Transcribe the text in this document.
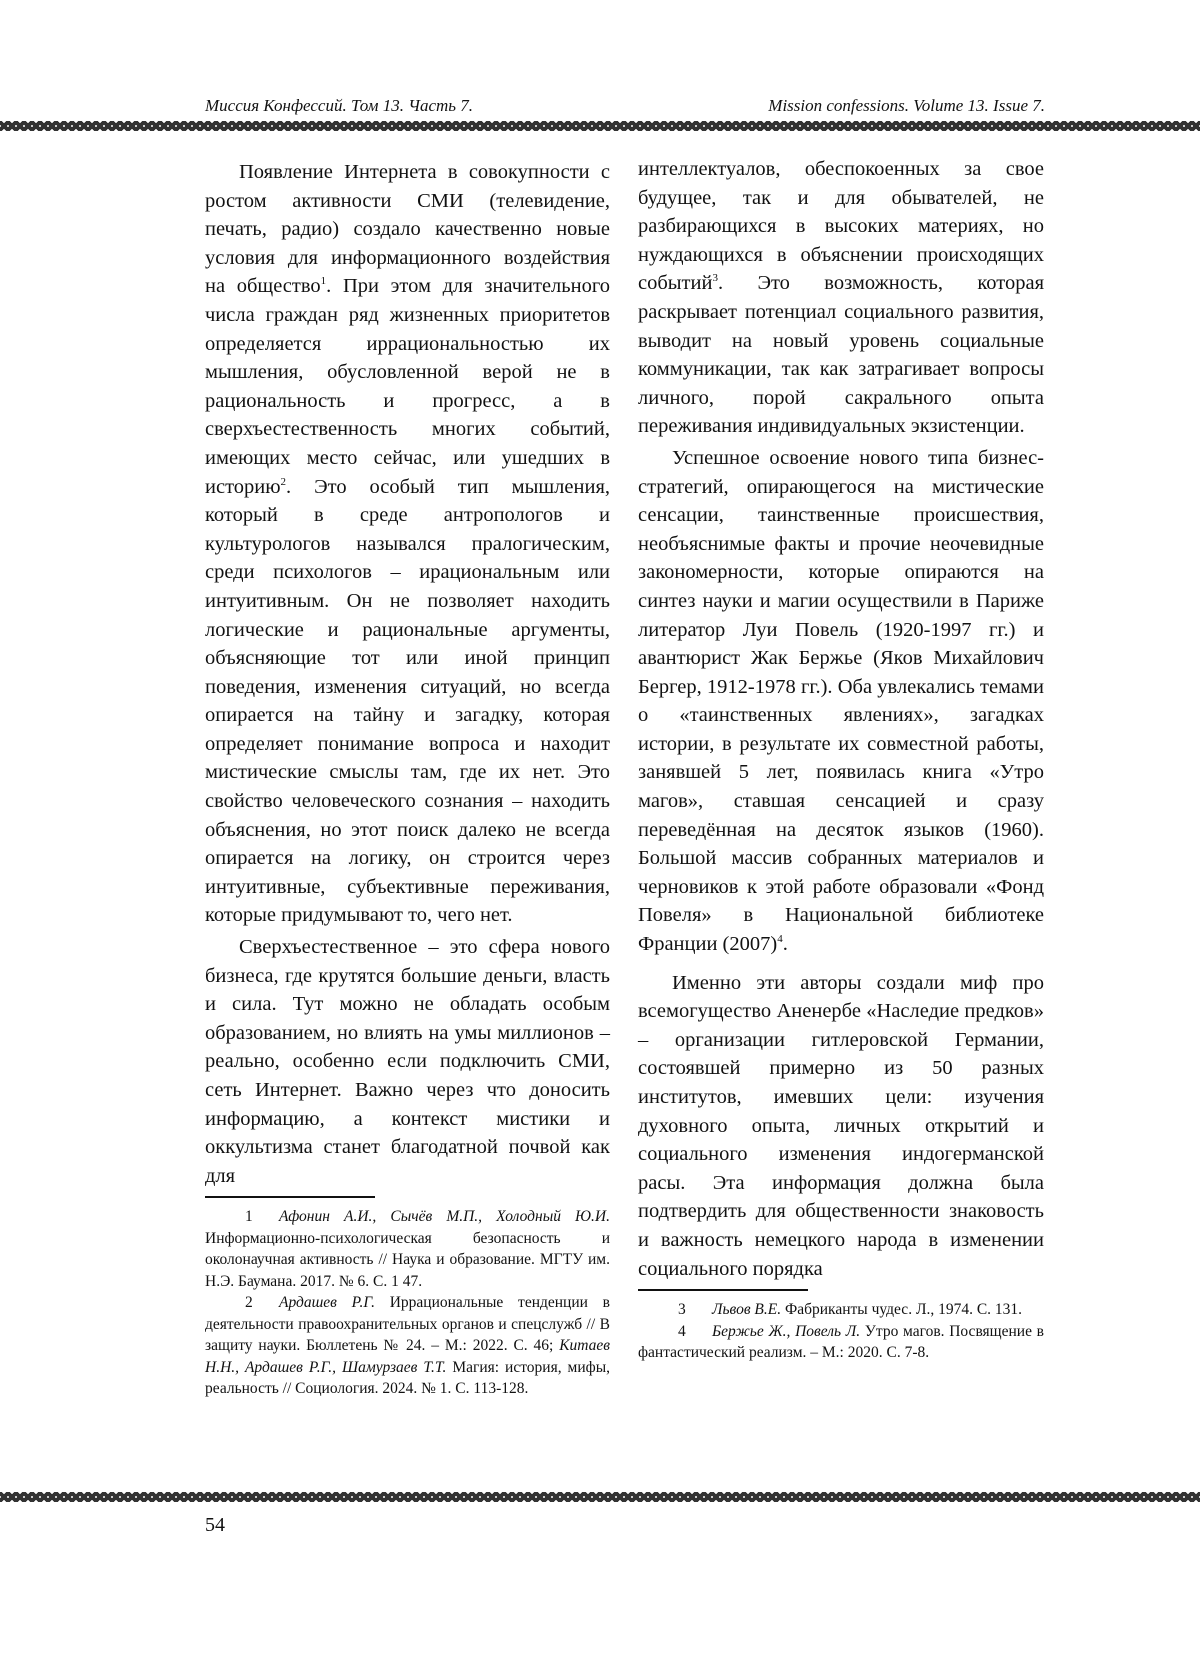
Миссия Конфессий. Том 13. Часть 7.	Mission confessions. Volume 13. Issue 7.

Появление Интернета в совокупности с ростом активности СМИ (телевидение, печать, радио) создало качественно новые условия для информационного воздействия на общество$^1$. При этом для значительного числа граждан ряд жизненных приоритетов определяется иррациональностью их мышления, обусловленной верой не в рациональность и прогресс, а в сверхъестественность многих событий, имеющих место сейчас, или ушедших в историю$^2$. Это особый тип мышления, который в среде антропологов и культурологов назывался пралогическим, среди психологов – ирациональным или интуитивным. Он не позволяет находить логические и рациональные аргументы, объясняющие тот или иной принцип поведения, изменения ситуаций, но всегда опирается на тайну и загадку, которая определяет понимание вопроса и находит мистические смыслы там, где их нет. Это свойство человеческого сознания – находить объяснения, но этот поиск далеко не всегда опирается на логику, он строится через интуитивные, субъективные переживания, которые придумывают то, чего нет.

Сверхъестественное – это сфера нового бизнеса, где крутятся большие деньги, власть и сила. Тут можно не обладать особым образованием, но влиять на умы миллионов – реально, особенно если подключить СМИ, сеть Интернет. Важно через что доносить информацию, а контекст мистики и оккультизма станет благодатной почвой как для

1 Афонин А.И., Сычёв М.П., Холодный Ю.И. Информационно-психологическая безопасность и околонаучная активность // Наука и образование. МГТУ им. Н.Э. Баумана. 2017. № 6. С. 1 47.

2 Ардашев Р.Г. Иррациональные тенденции в деятельности правоохранительных органов и спецслужб // В защиту науки. Бюллетень № 24. – М.: 2022. С. 46; Китаев Н.Н., Ардашев Р.Г., Шамурзаев Т.Т. Магия: история, мифы, реальность // Социология. 2024. № 1. С. 113-128.

интеллектуалов, обеспокоенных за свое будущее, так и для обывателей, не разбирающихся в высоких материях, но нуждающихся в объяснении происходящих событий$^3$. Это возможность, которая раскрывает потенциал социального развития, выводит на новый уровень социальные коммуникации, так как затрагивает вопросы личного, порой сакрального опыта переживания индивидуальных экзистенции.

Успешное освоение нового типа бизнес-стратегий, опирающегося на мистические сенсации, таинственные происшествия, необъяснимые факты и прочие неочевидные закономерности, которые опираются на синтез науки и магии осуществили в Париже литератор Луи Повель (1920-1997 гг.) и авантюрист Жак Бержье (Яков Михайлович Бергер, 1912-1978 гг.). Оба увлекались темами о «таинственных явлениях», загадках истории, в результате их совместной работы, занявшей 5 лет, появилась книга «Утро магов», ставшая сенсацией и сразу переведённая на десяток языков (1960). Большой массив собранных материалов и черновиков к этой работе образовали «Фонд Повеля» в Национальной библиотеке Франции $(2007)^4$.

Именно эти авторы создали миф про всемогущество Аненербе «Наследие предков» – организации гитлеровской Германии, состоявшей примерно из 50 разных институтов, имевших цели: изучения духовного опыта, личных открытий и социального изменения индогерманской расы. Эта информация должна была подтвердить для общественности знаковость и важность немецкого народа в изменении социального порядка

3 Львов В.Е. Фабриканты чудес. Л., 1974. С. 131.

4 Бержье Ж., Повель Л. Утро магов. Посвящение в фантастический реализм. – М.: 2020. С. 7-8.

54
